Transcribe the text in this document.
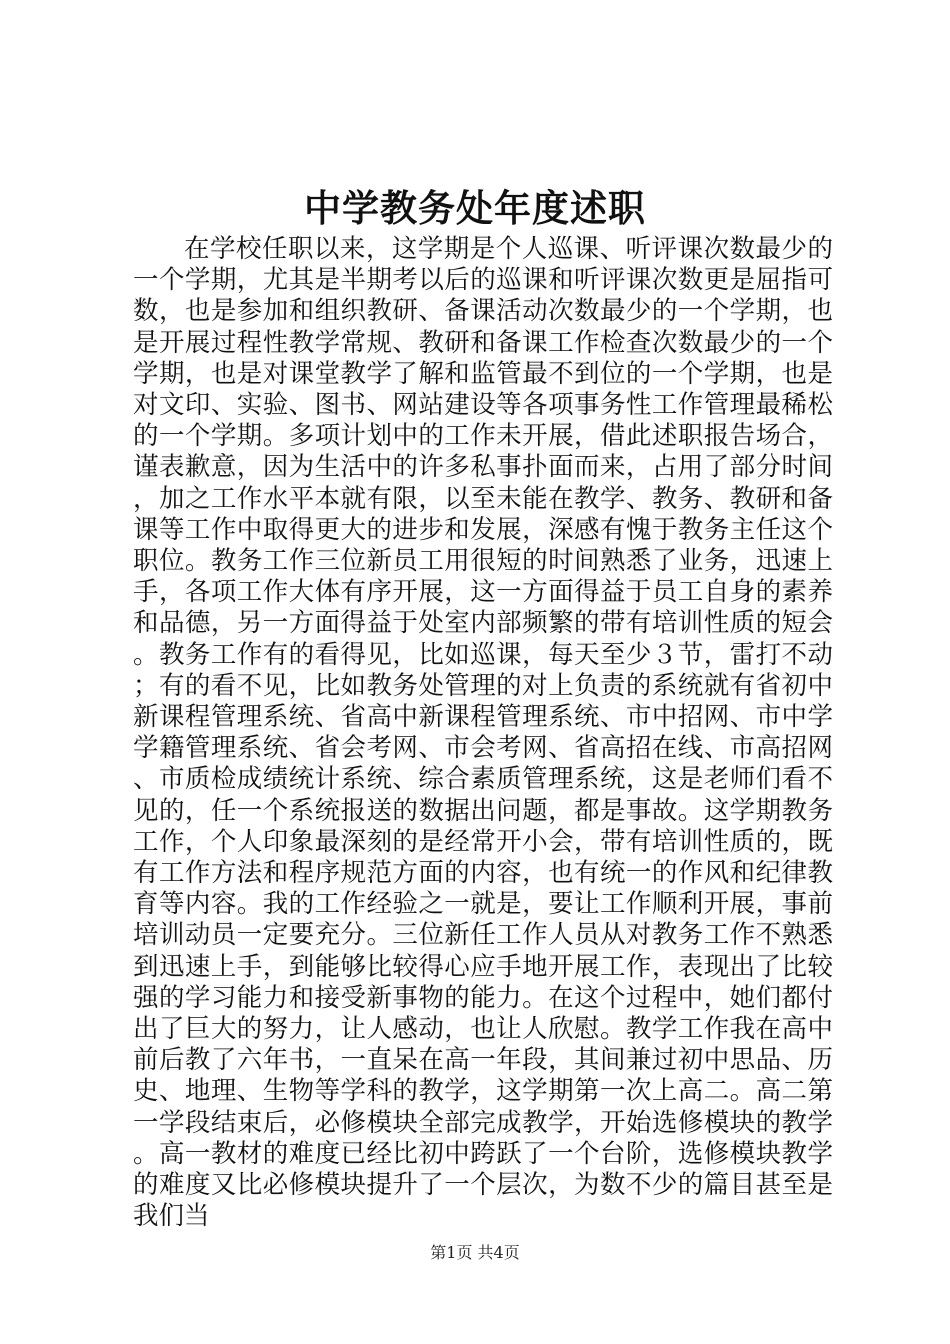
中学教务处年度述职

在学校任职以来，这学期是个人巡课、听评课次数最少的一个学期，尤其是半期考以后的巡课和听评课次数更是屈指可数，也是参加和组织教研、备课活动次数最少的一个学期，也是开展过程性教学常规、教研和备课工作检查次数最少的一个学期，也是对课堂教学了解和监管最不到位的一个学期，也是对文印、实验、图书、网站建设等各项事务性工作管理最稀松的一个学期。多项计划中的工作未开展，借此述职报告场合，谨表歉意，因为生活中的许多私事扑面而来，占用了部分时间，加之工作水平本就有限，以至未能在教学、教务、教研和备课等工作中取得更大的进步和发展，深感有愧于教务主任这个职位。教务工作三位新员工用很短的时间熟悉了业务，迅速上手，各项工作大体有序开展，这一方面得益于员工自身的素养和品德，另一方面得益于处室内部频繁的带有培训性质的短会。教务工作有的看得见，比如巡课，每天至少３节，雷打不动；有的看不见，比如教务处管理的对上负责的系统就有省初中新课程管理系统、省高中新课程管理系统、市中招网、市中学学籍管理系统、省会考网、市会考网、省高招在线、市高招网、市质检成绩统计系统、综合素质管理系统，这是老师们看不见的，任一个系统报送的数据出问题，都是事故。这学期教务工作，个人印象最深刻的是经常开小会，带有培训性质的，既有工作方法和程序规范方面的内容，也有统一的作风和纪律教育等内容。我的工作经验之一就是，要让工作顺利开展，事前培训动员一定要充分。三位新任工作人员从对教务工作不熟悉到迅速上手，到能够比较得心应手地开展工作，表现出了比较强的学习能力和接受新事物的能力。在这个过程中，她们都付出了巨大的努力，让人感动，也让人欣慰。教学工作我在高中前后教了六年书，一直呆在高一年段，其间兼过初中思品、历史、地理、生物等学科的教学，这学期第一次上高二。高二第一学段结束后，必修模块全部完成教学，开始选修模块的教学。高一教材的难度已经比初中跨跃了一个台阶，选修模块教学的难度又比必修模块提升了一个层次，为数不少的篇目甚至是我们当

第1页 共4页
